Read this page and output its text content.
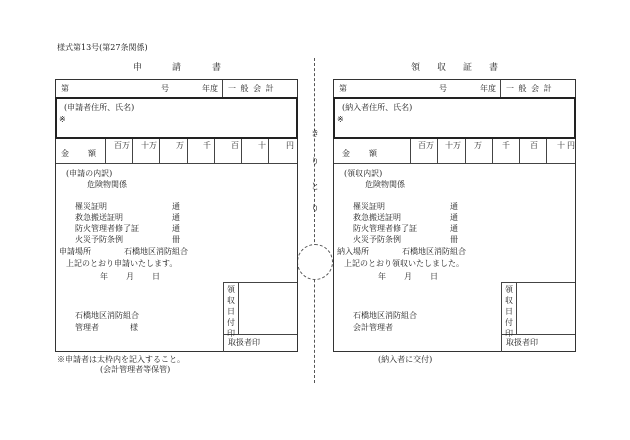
様式第13号(第27条関係)
き
り
と
り
申	請	書
第	号	年度 一 般 会 計
(申請者住所、氏名)
※
金 額
百万 十万 万 千	百 十	円
(申請の内訳)
危険物関係
罹災証明	通
救急搬送証明	通
防火管理者修了証	通
火災予防条例	冊
申請場所	石橋地区消防組合
上記のとおり申請いたします。
年 月 日
石橋地区消防組合
管理者	様
領
収
日
付
印
取扱者印
※申請者は太枠内を記入すること。
(会計管理者等保管)
領 収 証 書
第	号	年度 一 般 会 計
(納入者住所、氏名)
※
金 額
百万 十万 万	千	百 十 円
(領収内訳)
危険物関係
罹災証明	通
救急搬送証明	通
防火管理者修了証	通
火災予防条例	冊
納入場所	石橋地区消防組合
上記のとおり領収いたしました。
年 月 日
石橋地区消防組合
会計管理者
領
収
日
付
印
取扱者印
(納入者に交付)
